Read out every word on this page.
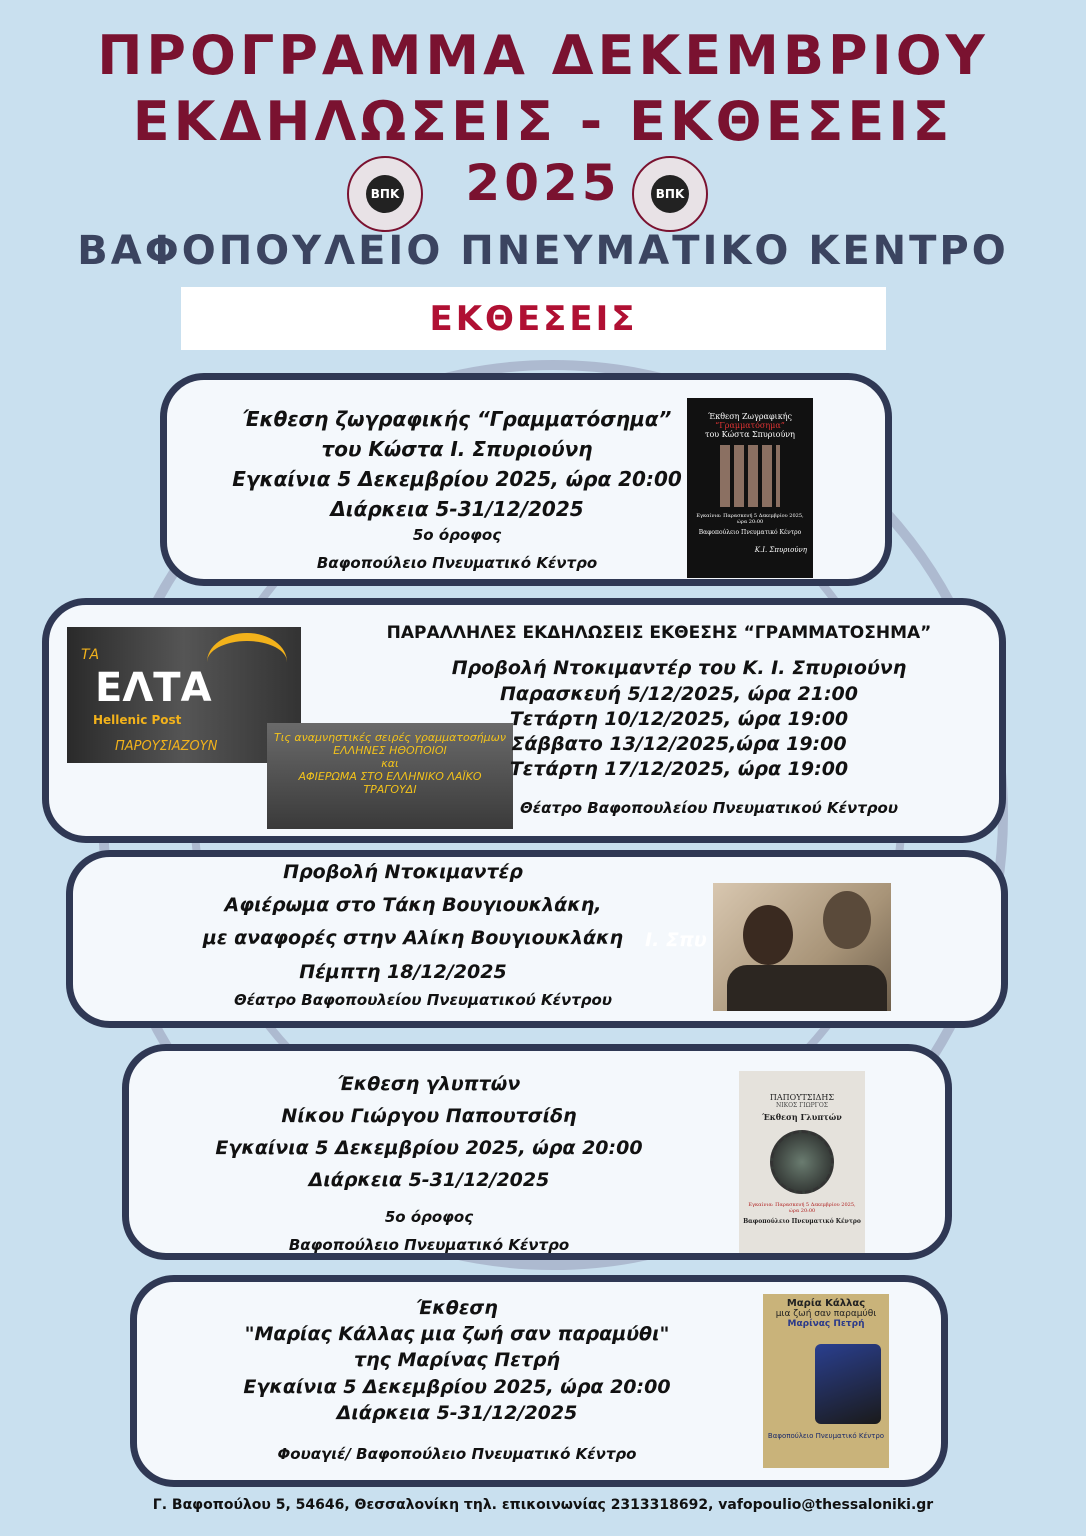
ΠΡΟΓΡΑΜΜΑ ΔΕΚΕΜΒΡΙΟΥ
ΕΚΔΗΛΩΣΕΙΣ - ΕΚΘΕΣΕΙΣ
2025
ΒΠΚ	ΒΠΚ
ΒΑΦΟΠΟΥΛΕΙΟ ΠΝΕΥΜΑΤΙΚΟ ΚΕΝΤΡΟ
ΕΚΘΕΣΕΙΣ
Έκθεση ζωγραφικής “Γραμματόσημα”
του Κώστα Ι. Σπυριούνη
Εγκαίνια 5 Δεκεμβρίου 2025, ώρα 20:00
Διάρκεια 5-31/12/2025
5ο όροφος
Βαφοπούλειο Πνευματικό Κέντρο
Έκθεση Ζωγραφικής
“Γραμματόσημα”
του Κώστα Σπυριούνη
Εγκαίνια: Παρασκευή 5 Δεκεμβρίου 2025, ώρα 20:00
Βαφοπούλειο Πνευματικό Κέντρο
Κ.Ι. Σπυριούνη
ΤΑ
ΕΛΤΑ
Hellenic Post
ΠΑΡΟΥΣΙΑΖΟΥΝ
Τις αναμνηστικές σειρές γραμματοσήμων
ΕΛΛΗΝΕΣ ΗΘΟΠΟΙΟΙ
και
ΑΦΙΕΡΩΜΑ ΣΤΟ ΕΛΛΗΝΙΚΟ ΛΑΪΚΟ
ΤΡΑΓΟΥΔΙ
ΠΑΡΑΛΛΗΛΕΣ ΕΚΔΗΛΩΣΕΙΣ ΕΚΘΕΣΗΣ “ΓΡΑΜΜΑΤΟΣΗΜΑ”
Προβολή Ντοκιμαντέρ του Κ. Ι. Σπυριούνη
Παρασκευή 5/12/2025, ώρα 21:00
Τετάρτη 10/12/2025, ώρα 19:00
Σάββατο 13/12/2025,ώρα 19:00
Τετάρτη 17/12/2025, ώρα 19:00
Θέατρο Βαφοπουλείου Πνευματικού Κέντρου
Προβολή Ντοκιμαντέρ
Αφιέρωμα στο Τάκη Βουγιουκλάκη,
με αναφορές στην Αλίκη Βουγιουκλάκη	Ι. Σπυ
Πέμπτη 18/12/2025
Θέατρο Βαφοπουλείου Πνευματικού Κέντρου
Έκθεση γλυπτών
Νίκου Γιώργου Παπουτσίδη
Εγκαίνια 5 Δεκεμβρίου 2025, ώρα 20:00
Διάρκεια 5-31/12/2025
5ο όροφος
Βαφοπούλειο Πνευματικό Κέντρο
ΠΑΠΟΥΤΣΙΔΗΣ
ΝΙΚΟΣ ΓΙΩΡΓΟΣ
Έκθεση Γλυπτών
Εγκαίνια: Παρασκευή 5 Δεκεμβρίου 2025, ώρα 20:00
Βαφοπούλειο Πνευματικό Κέντρο
Έκθεση
"Μαρίας Κάλλας μια ζωή σαν παραμύθι"
της Μαρίνας Πετρή
Εγκαίνια 5 Δεκεμβρίου 2025, ώρα 20:00
Διάρκεια 5-31/12/2025
Φουαγιέ/ Βαφοπούλειο Πνευματικό Κέντρο
Μαρία Κάλλας
μια ζωή σαν παραμύθι
Μαρίνας Πετρή
Βαφοπούλειο Πνευματικό Κέντρο
Γ. Βαφοπούλου 5, 54646, Θεσσαλονίκη τηλ. επικοινωνίας 2313318692, vafopoulio@thessaloniki.gr
